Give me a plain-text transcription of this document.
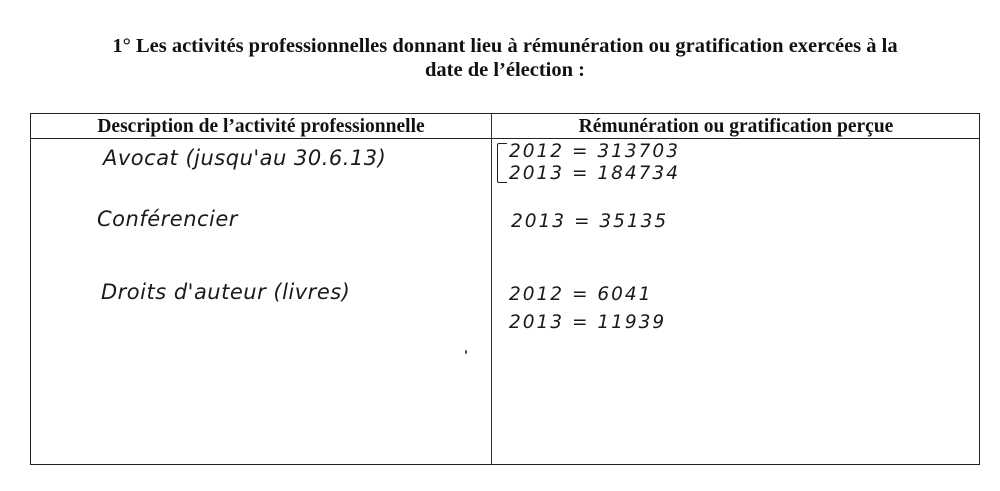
1° Les activités professionnelles donnant lieu à rémunération ou gratification exercées à la
date de l’élection :
Description de l’activité professionnelle	Rémunération ou gratification perçue
Avocat (jusqu'au 30.6.13)	2012 = 313703
2013 = 184734
Conférencier	2013 = 35135
Droits d'auteur (livres)	2012 = 6041
2013 = 11939
